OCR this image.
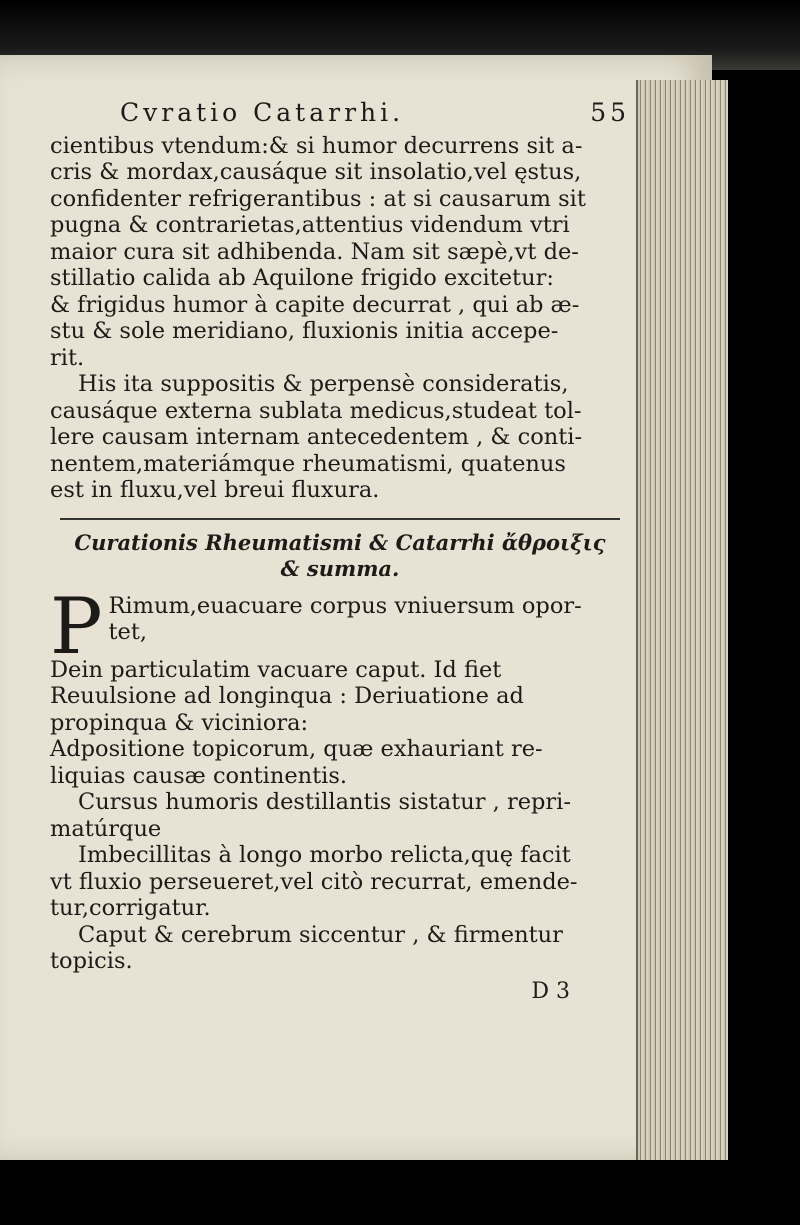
Cvratio Catarrhi.	55
cientibus vtendum:& si humor decurrens sit a-
cris & mordax,causáque sit insolatio,vel ęstus,
confidenter refrigerantibus : at si causarum sit
pugna & contrarietas,attentius videndum vtri
maior cura sit adhibenda. Nam sit sæpè,vt de-
stillatio calida ab Aquilone frigido excitetur:
& frigidus humor à capite decurrat , qui ab æ-
stu & sole meridiano, fluxionis initia accepe-
rit.
His ita suppositis & perpensè consideratis,
causáque externa sublata medicus,studeat tol-
lere causam internam antecedentem , & conti-
nentem,materiámque rheumatismi, quatenus
est in fluxu,vel breui fluxura.
Curationis Rheumatismi & Catarrhi ἄθροιξις
& summa.
P Rimum,euacuare corpus vniuersum opor-
tet,
Dein particulatim vacuare caput. Id fiet
Reuulsione ad longinqua : Deriuatione ad
propinqua & viciniora:
Adpositione topicorum, quæ exhauriant re-
liquias causæ continentis.
Cursus humoris destillantis sistatur , repri-
matúrque
Imbecillitas à longo morbo relicta,quę facit
vt fluxio perseueret,vel citò recurrat, emende-
tur,corrigatur.
Caput & cerebrum siccentur , & firmentur
topicis.
D 3
